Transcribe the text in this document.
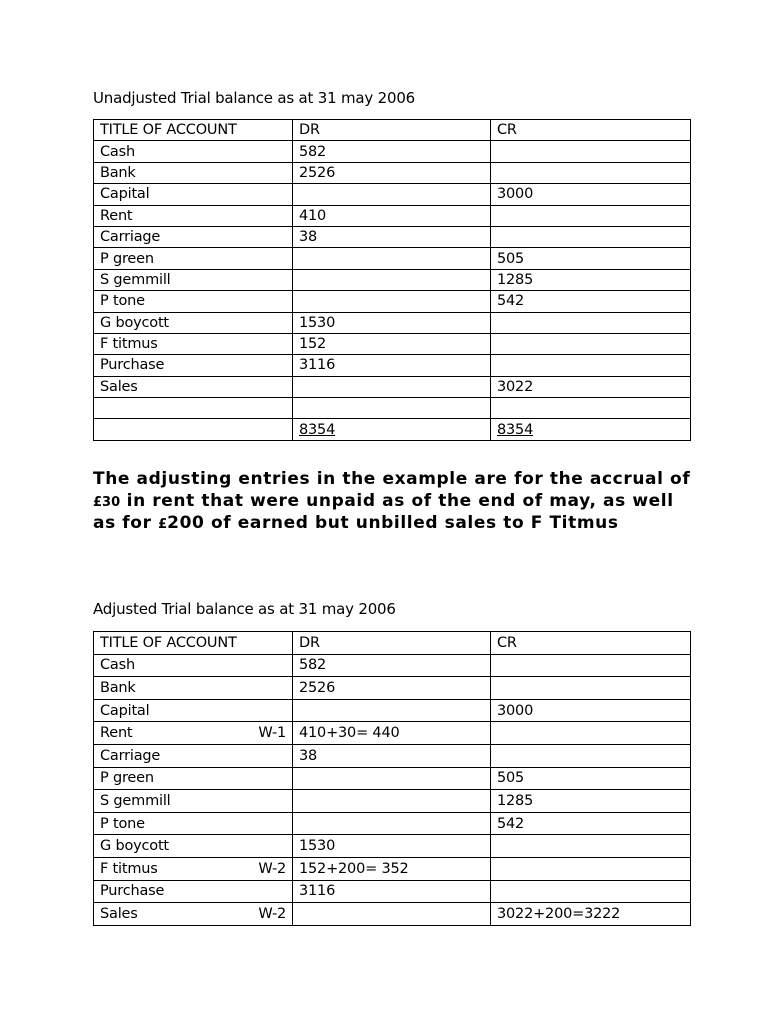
Unadjusted Trial balance as at 31 may 2006
TITLE OF ACCOUNT	DR	CR
Cash	582	
Bank	2526	
Capital		3000
Rent	410	
Carriage	38	
P green		505
S gemmill		1285
P tone		542
G boycott	1530	
F titmus	152	
Purchase	3116	
Sales		3022

	8354	8354

The adjusting entries in the example are for the accrual of £30 in rent that were unpaid as of the end of may, as well as for £200 of earned but unbilled sales to F Titmus

Adjusted Trial balance as at 31 may 2006
TITLE OF ACCOUNT	DR	CR

Cash	582	

Bank	2526	

Capital		3000

Rent W-1	410+30= 440	

Carriage	38	

P green		505

S gemmill		1285

P tone		542

G boycott	1530	

F titmus W-2	152+200= 352	

Purchase	3116	

Sales W-2		3022+200=3222
